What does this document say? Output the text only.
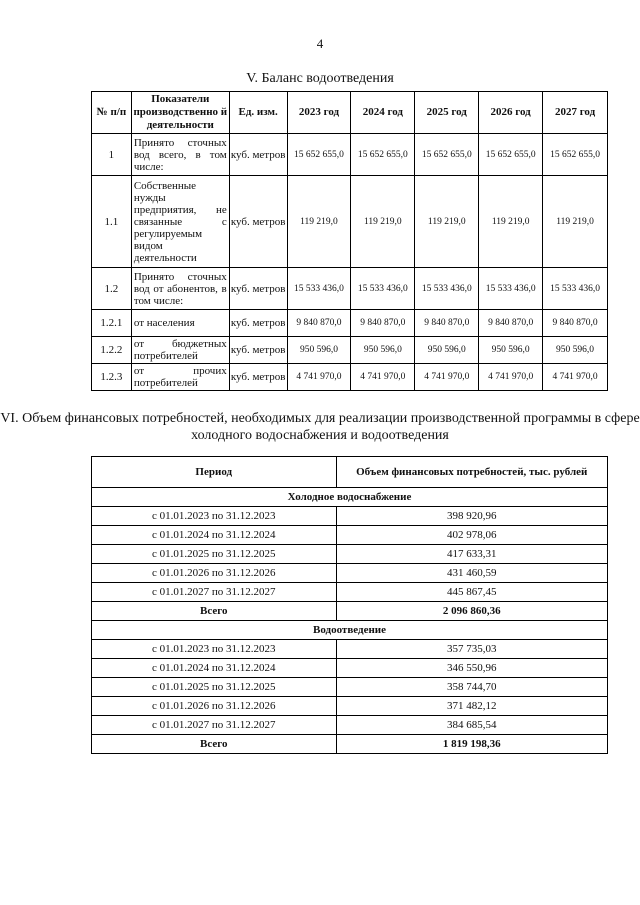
4
V. Баланс водоотведения
№ п/п	Показатели производственно й деятельности	Ед. изм.	2023 год	2024 год	2025 год	2026 год	2027 год
1	Принято сточных вод всего, в том числе:	куб. метров	15 652 655,0	15 652 655,0	15 652 655,0	15 652 655,0	15 652 655,0
1.1	Собственные нужды предприятия, не связанные с регулируемым видом деятельности	куб. метров	119 219,0	119 219,0	119 219,0	119 219,0	119 219,0
1.2	Принято сточных вод от абонентов, в том числе:	куб. метров	15 533 436,0	15 533 436,0	15 533 436,0	15 533 436,0	15 533 436,0
1.2.1	от населения	куб. метров	9 840 870,0	9 840 870,0	9 840 870,0	9 840 870,0	9 840 870,0
1.2.2	от бюджетных потребителей	куб. метров	950 596,0	950 596,0	950 596,0	950 596,0	950 596,0
1.2.3	от прочих потребителей	куб. метров	4 741 970,0	4 741 970,0	4 741 970,0	4 741 970,0	4 741 970,0
VI. Объем финансовых потребностей, необходимых для реализации производственной программы в сфере холодного водоснабжения и водоотведения
Период	Объем финансовых потребностей, тыс. рублей
Холодное водоснабжение	
с 01.01.2023 по 31.12.2023	398 920,96
с 01.01.2024 по 31.12.2024	402 978,06
с 01.01.2025 по 31.12.2025	417 633,31
с 01.01.2026 по 31.12.2026	431 460,59
с 01.01.2027 по 31.12.2027	445 867,45
Всего	2 096 860,36
Водоотведение	
с 01.01.2023 по 31.12.2023	357 735,03
с 01.01.2024 по 31.12.2024	346 550,96
с 01.01.2025 по 31.12.2025	358 744,70
с 01.01.2026 по 31.12.2026	371 482,12
с 01.01.2027 по 31.12.2027	384 685,54
Всего	1 819 198,36
